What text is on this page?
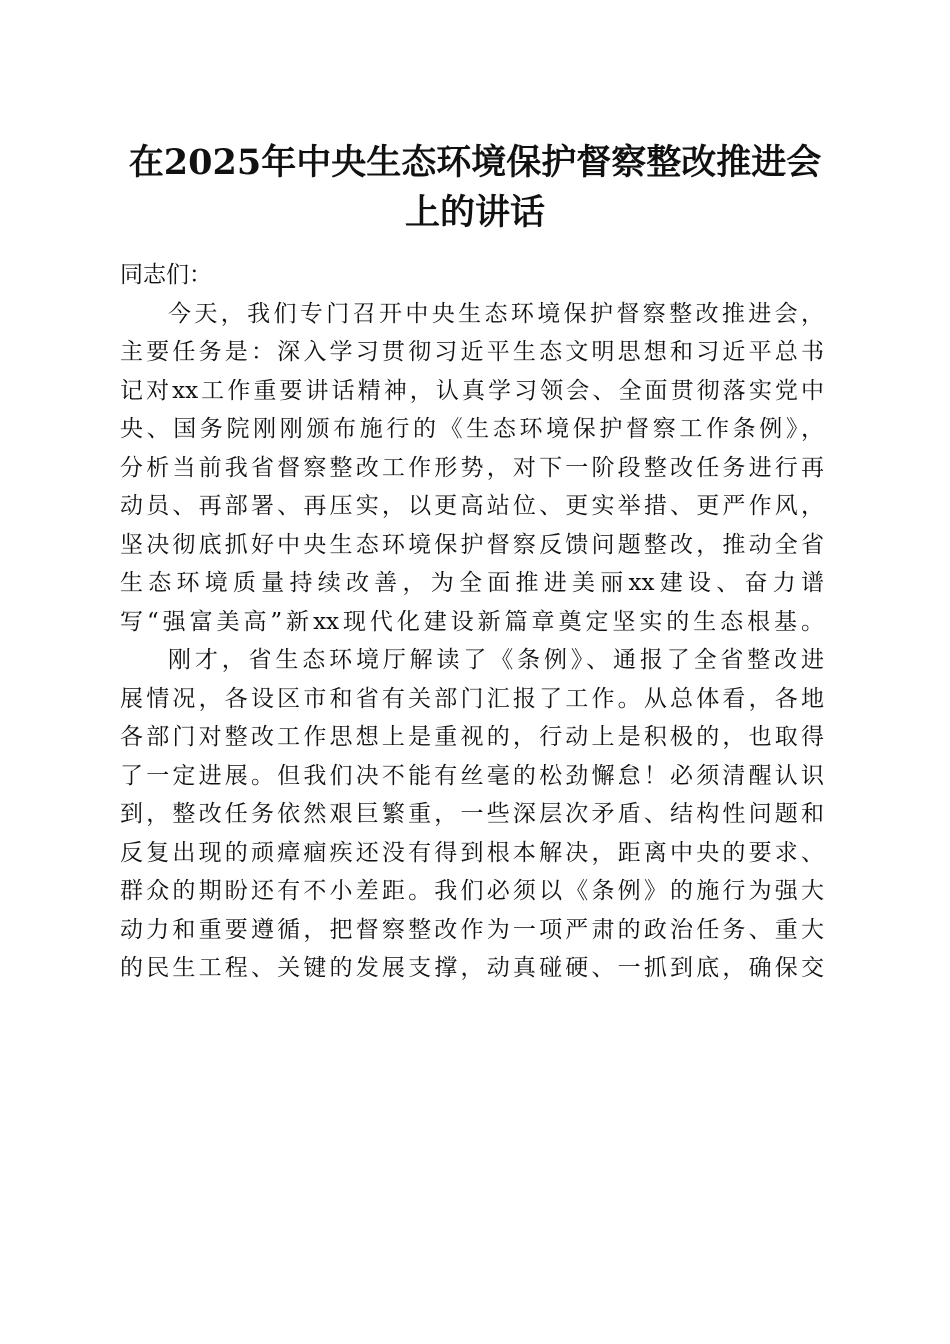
在2025年中央生态环境保护督察整改推进会
上的讲话
同志们：
今天，我们专门召开中央生态环境保护督察整改推进会，
主要任务是：深入学习贯彻习近平生态文明思想和习近平总书
记对xx工作重要讲话精神，认真学习领会、全面贯彻落实党中
央、国务院刚刚颁布施行的《生态环境保护督察工作条例》，
分析当前我省督察整改工作形势，对下一阶段整改任务进行再
动员、再部署、再压实，以更高站位、更实举措、更严作风，
坚决彻底抓好中央生态环境保护督察反馈问题整改，推动全省
生态环境质量持续改善，为全面推进美丽xx建设、奋力谱
写“强富美高”新xx现代化建设新篇章奠定坚实的生态根基。
刚才，省生态环境厅解读了《条例》、通报了全省整改进
展情况，各设区市和省有关部门汇报了工作。从总体看，各地
各部门对整改工作思想上是重视的，行动上是积极的，也取得
了一定进展。但我们决不能有丝毫的松劲懈怠！必须清醒认识
到，整改任务依然艰巨繁重，一些深层次矛盾、结构性问题和
反复出现的顽瘴痼疾还没有得到根本解决，距离中央的要求、
群众的期盼还有不小差距。我们必须以《条例》的施行为强大
动力和重要遵循，把督察整改作为一项严肃的政治任务、重大
的民生工程、关键的发展支撑，动真碰硬、一抓到底，确保交
